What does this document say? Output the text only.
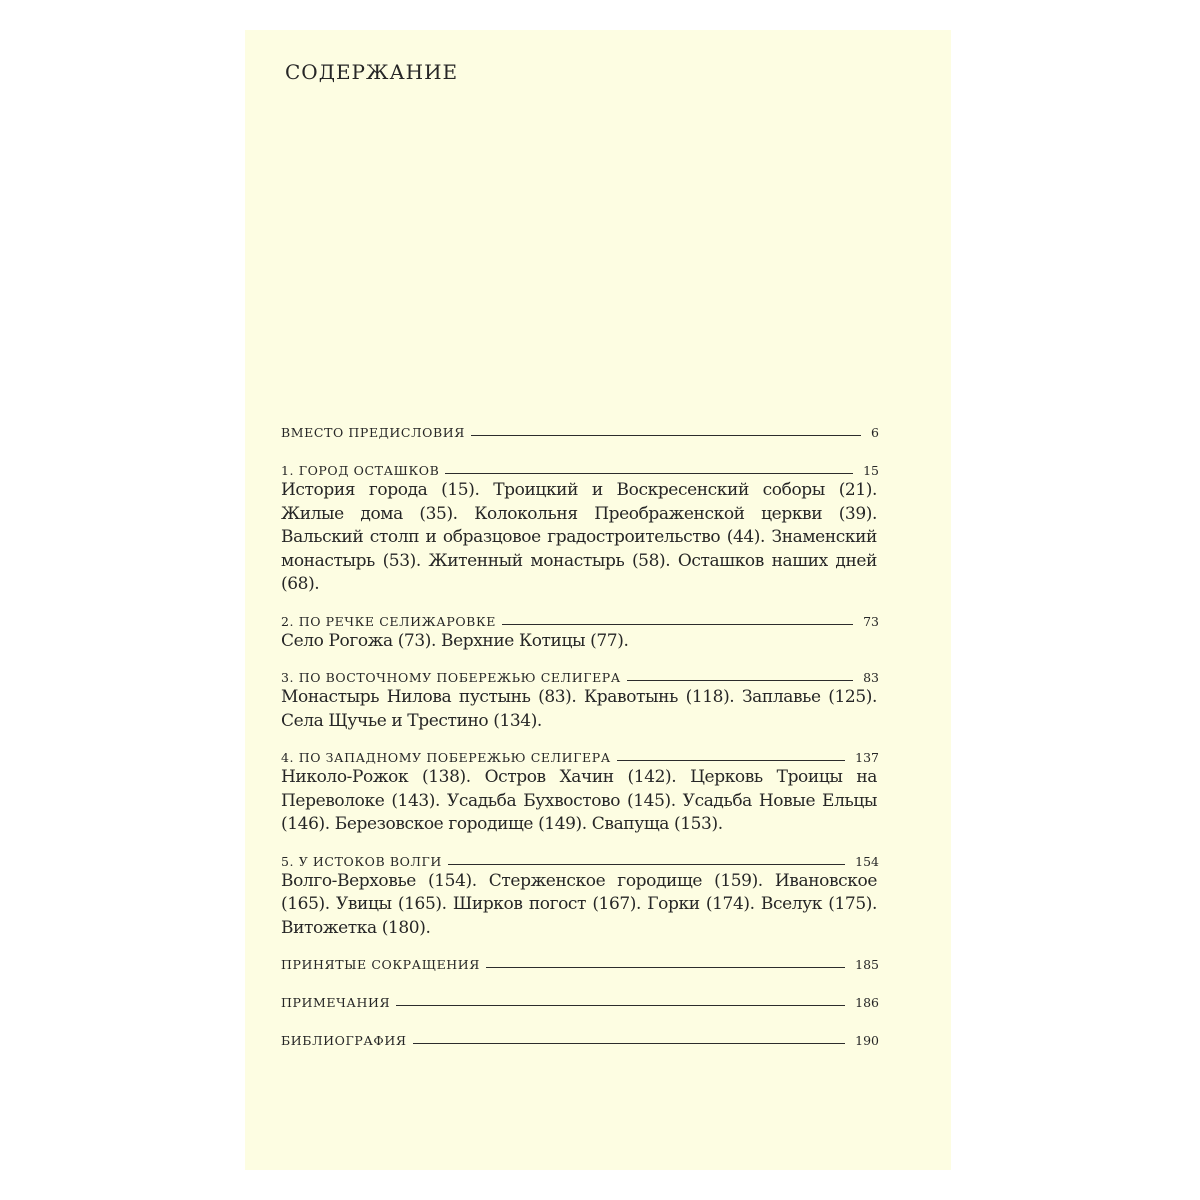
СОДЕРЖАНИЕ
ВМЕСТО ПРЕДИСЛОВИЯ	6
1. ГОРОД ОСТАШКОВ	15
История города (15). Троицкий и Воскресенский соборы (21). Жилые дома (35). Колокольня Преображенской церкви (39). Вальский столп и образцовое градостроительство (44). Знаменский монастырь (53). Житенный монастырь (58). Осташков наших дней (68).
2. ПО РЕЧКЕ СЕЛИЖАРОВКЕ	73
Село Рогожа (73). Верхние Котицы (77).
3. ПО ВОСТОЧНОМУ ПОБЕРЕЖЬЮ СЕЛИГЕРА	83
Монастырь Нилова пустынь (83). Кравотынь (118). Заплавье (125). Села Щучье и Трестино (134).
4. ПО ЗАПАДНОМУ ПОБЕРЕЖЬЮ СЕЛИГЕРА	137
Николо-Рожок (138). Остров Хачин (142). Церковь Троицы на Переволоке (143). Усадьба Бухвостово (145). Усадьба Новые Ельцы (146). Березовское городище (149). Свапуща (153).
5. У ИСТОКОВ ВОЛГИ	154
Волго-Верховье (154). Стерженское городище (159). Ивановское (165). Увицы (165). Ширков погост (167). Горки (174). Вселук (175). Витожетка (180).
ПРИНЯТЫЕ СОКРАЩЕНИЯ	185
ПРИМЕЧАНИЯ	186
БИБЛИОГРАФИЯ	190
